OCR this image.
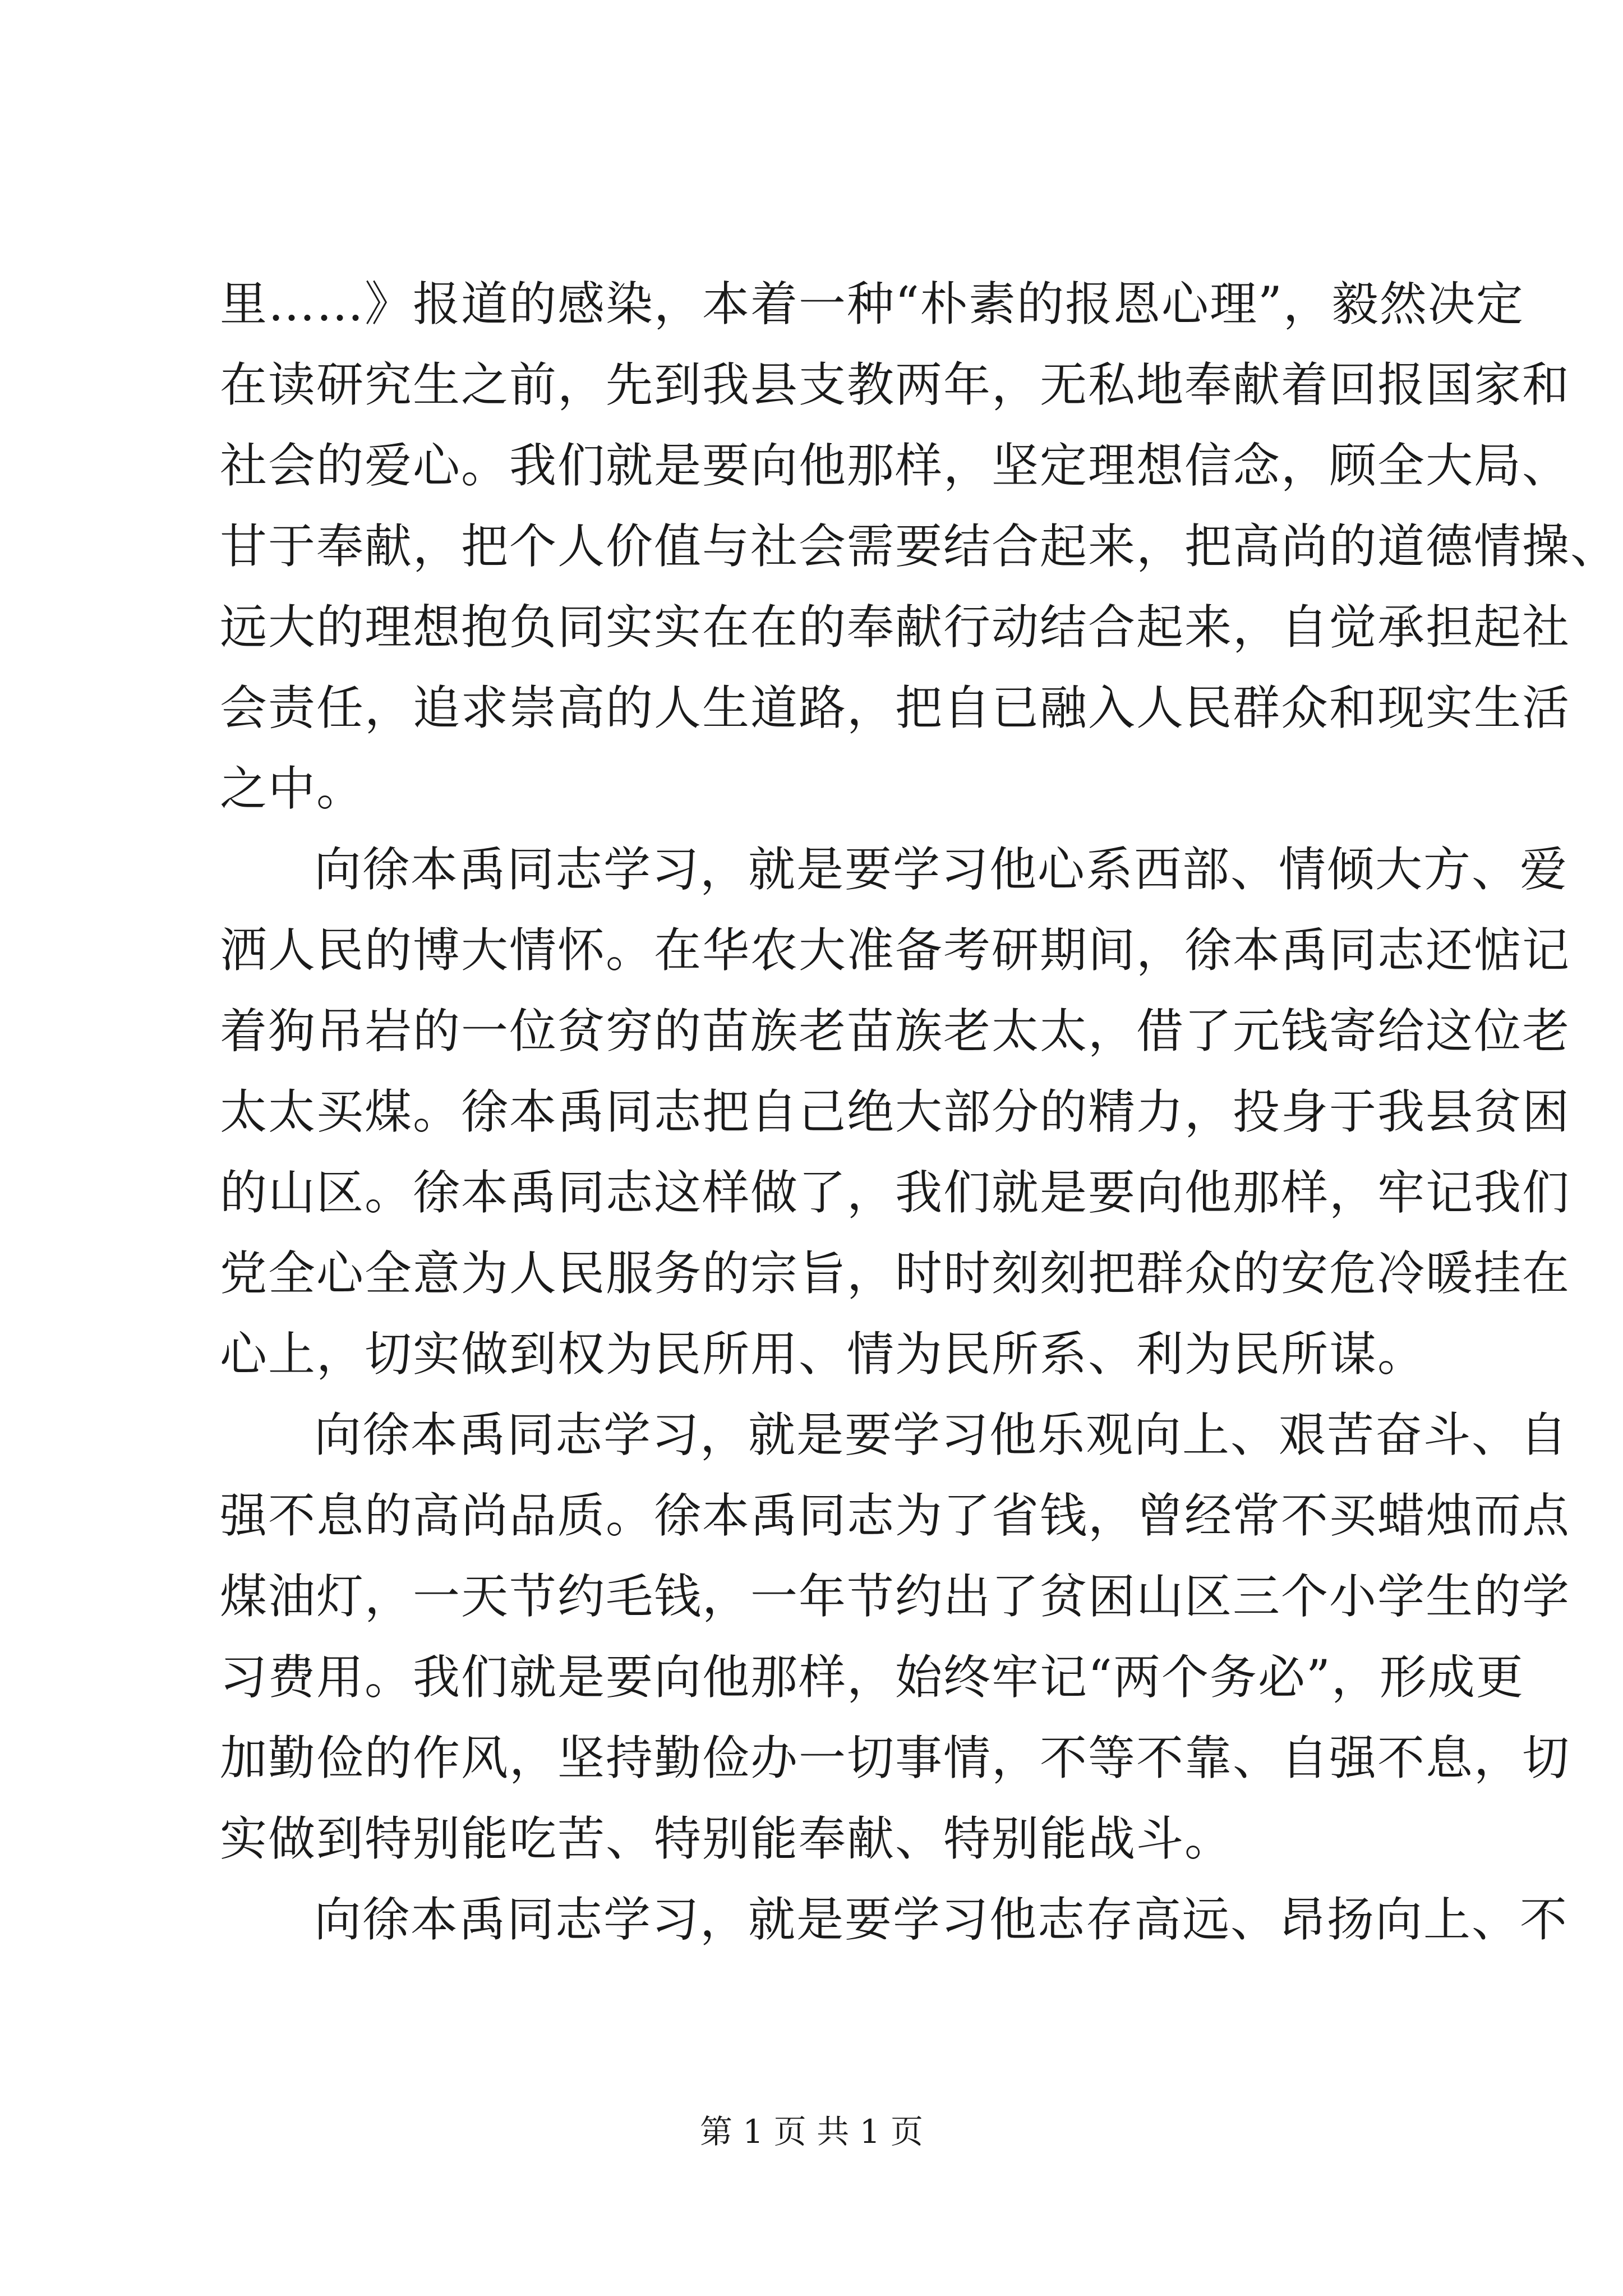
里……》报道的感染，本着一种“朴素的报恩心理”，毅然决定
在读研究生之前，先到我县支教两年，无私地奉献着回报国家和
社会的爱心。我们就是要向他那样，坚定理想信念，顾全大局、
甘于奉献，把个人价值与社会需要结合起来，把高尚的道德情操、
远大的理想抱负同实实在在的奉献行动结合起来，自觉承担起社
会责任，追求崇高的人生道路，把自已融入人民群众和现实生活
之中。
向徐本禹同志学习，就是要学习他心系西部、情倾大方、爱
洒人民的博大情怀。在华农大准备考研期间，徐本禹同志还惦记
着狗吊岩的一位贫穷的苗族老苗族老太太，借了元钱寄给这位老
太太买煤。徐本禹同志把自己绝大部分的精力，投身于我县贫困
的山区。徐本禹同志这样做了，我们就是要向他那样，牢记我们
党全心全意为人民服务的宗旨，时时刻刻把群众的安危冷暖挂在
心上，切实做到权为民所用、情为民所系、利为民所谋。
向徐本禹同志学习，就是要学习他乐观向上、艰苦奋斗、自
强不息的高尚品质。徐本禹同志为了省钱，曾经常不买蜡烛而点
煤油灯，一天节约毛钱，一年节约出了贫困山区三个小学生的学
习费用。我们就是要向他那样，始终牢记“两个务必”，形成更
加勤俭的作风，坚持勤俭办一切事情，不等不靠、自强不息，切
实做到特别能吃苦、特别能奉献、特别能战斗。
向徐本禹同志学习，就是要学习他志存高远、昂扬向上、不
第 1 页 共 1 页
